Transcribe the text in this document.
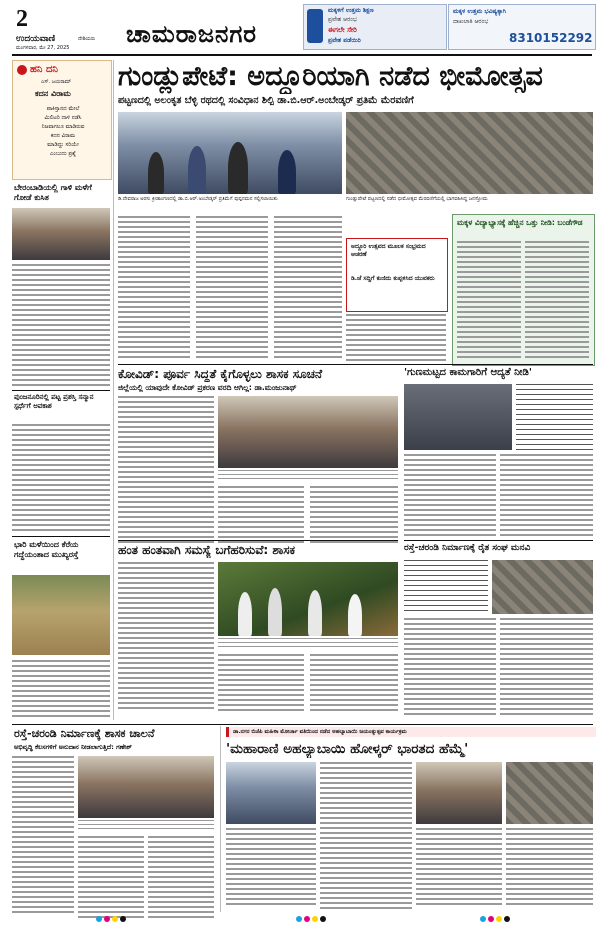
2
ಉದಯವಾಣಿ	ದೇಶಿಯರು
ಮಂಗಳವಾರ, ಮೇ 27, 2025 ಚಾಮರಾಜನಗರ
ಮಕ್ಕಳಿಗೆ ಉತ್ತಮ ಶಿಕ್ಷಣ
ಪ್ರವೇಶ ಆರಂಭ
ಈಗಲೇ ಸೇರಿ
ಪ್ರವೇಶ ಪಡೆಯಿರಿ
ಮಕ್ಕಳ ಉತ್ತಮ ಭವಿಷ್ಯಕ್ಕಾಗಿ
ದಾಖಲಾತಿ ಆರಂಭ
8310152292
ಹನಿ ದನಿ
ಎಸ್. ಜಯರಾಮ್
ಕದನ ವಿರಾಮ
ಪಾಕಿಸ್ತಾನದ ಮೇಲೆ
ಮಿಲಿಟರಿ ದಾಳಿ ನಡೆಸಿ
ನಿಜವಾಗಲೂ ಮಾಡಿರುವ
ಕದನ ವಿರಾಮ
ಮಾಡಿದ್ದು ಸರಿಯೇ
ಎಂಬುದು ಪ್ರಶ್ನೆ
ಬೇರಂಬಾಡಿಯಲ್ಲಿ ಗಾಳಿ ಮಳೆಗೆ ಗೋಡೆ ಕುಸಿತ
ಪುಂಜನೂರಿನಲ್ಲಿ ಪಟ್ಟ ಪ್ರಶಸ್ತಿ ಸನ್ಮಾನ ಸ್ಪರ್ಧೆಗೆ ಅವಕಾಶ
ಭಾರಿ ಮಳೆಯಿಂದ ಕೆರೆಯ ಗದ್ದೆಯಂತಾದ ಮುಖ್ಯರಸ್ತೆ
ಗುಂಡ್ಲುಪೇಟೆ: ಅದ್ದೂರಿಯಾಗಿ ನಡೆದ ಭೀಮೋತ್ಸವ
ಪಟ್ಟಣದಲ್ಲಿ ಅಲಂಕೃತ ಬೆಳ್ಳಿ ರಥದಲ್ಲಿ ಸಂವಿಧಾನ ಶಿಲ್ಪಿ ಡಾ.ಬಿ.ಆರ್.ಅಂಬೇಡ್ಕರ್ ಪ್ರತಿಮೆ ಮೆರವಣಿಗೆ
ಡಿ.ದೇವರಾಜ ಅರಸು ಕ್ರೀಡಾಂಗಣದಲ್ಲಿ ಡಾ.ಬಿ.ಆರ್.ಅಂಬೇಡ್ಕರ್ ಪ್ರತಿಮೆಗೆ ಪುಷ್ಪನಮನ ಸಲ್ಲಿಸಲಾಯಿತು	ಗುಂಡ್ಲುಪೇಟೆ ಪಟ್ಟಣದಲ್ಲಿ ನಡೆದ ಭೀಮೋತ್ಸವ ಮೆರವಣಿಗೆಯಲ್ಲಿ ಭಾಗವಹಿಸಿದ್ದ ಜನಸ್ತೋಮ
ಅದ್ದೂರಿ ಉತ್ಸವದ ಮೂಲಕ ಸಂಭ್ರಮದ ಆಚರಣೆ
ಡಿ.ಜೆ ಸದ್ದಿಗೆ ಕುಣಿದು ಕುಪ್ಪಳಿಸಿದ ಯುವಕರು
ಮಕ್ಕಳ ವಿದ್ಯಾಭ್ಯಾಸಕ್ಕೆ ಹೆಚ್ಚಿನ ಒತ್ತು ನೀಡಿ: ಬಂಡೆಗೌಡ
ಕೋವಿಡ್: ಪೂರ್ವ ಸಿದ್ಧತೆ ಕೈಗೊಳ್ಳಲು ಶಾಸಕ ಸೂಚನೆ
ಜಿಲ್ಲೆಯಲ್ಲಿ ಯಾವುದೇ ಕೋವಿಡ್ ಪ್ರಕರಣ ವರದಿ ಆಗಿಲ್ಲ: ಡಾ.ಮಂಜುನಾಥ್
'ಗುಣಮಟ್ಟದ ಕಾಮಗಾರಿಗೆ ಆದ್ಯತೆ ನೀಡಿ'
ಹಂತ ಹಂತವಾಗಿ ಸಮಸ್ಯೆ ಬಗೆಹರಿಸುವೆ: ಶಾಸಕ	ರಸ್ತೆ-ಚರಂಡಿ ನಿರ್ಮಾಣಕ್ಕೆ ರೈತ ಸಂಘ ಮನವಿ
ರಸ್ತೆ-ಚರಂಡಿ ನಿರ್ಮಾಣಕ್ಕೆ ಶಾಸಕ ಚಾಲನೆ
ಅಭಿವೃದ್ಧಿ ಕೆಲಸಗಳಿಗೆ ಅನುದಾನ ನೀಡಲಾಗುತ್ತಿದೆ: ಗಣೇಶ್
ಡಾ.ನಗರ ಬಿಜೆಪಿ ಮಹಿಳಾ ಮೋರ್ಚಾ ವತಿಯಿಂದ ನಡೆದ ಅಹಲ್ಯಾಬಾಯಿ ಜಯಂತ್ಯುತ್ಸವ ಕಾರ್ಯಕ್ರಮ
'ಮಹಾರಾಣಿ ಅಹಲ್ಯಾಬಾಯಿ ಹೋಳ್ಕರ್ ಭಾರತದ ಹೆಮ್ಮೆ'
